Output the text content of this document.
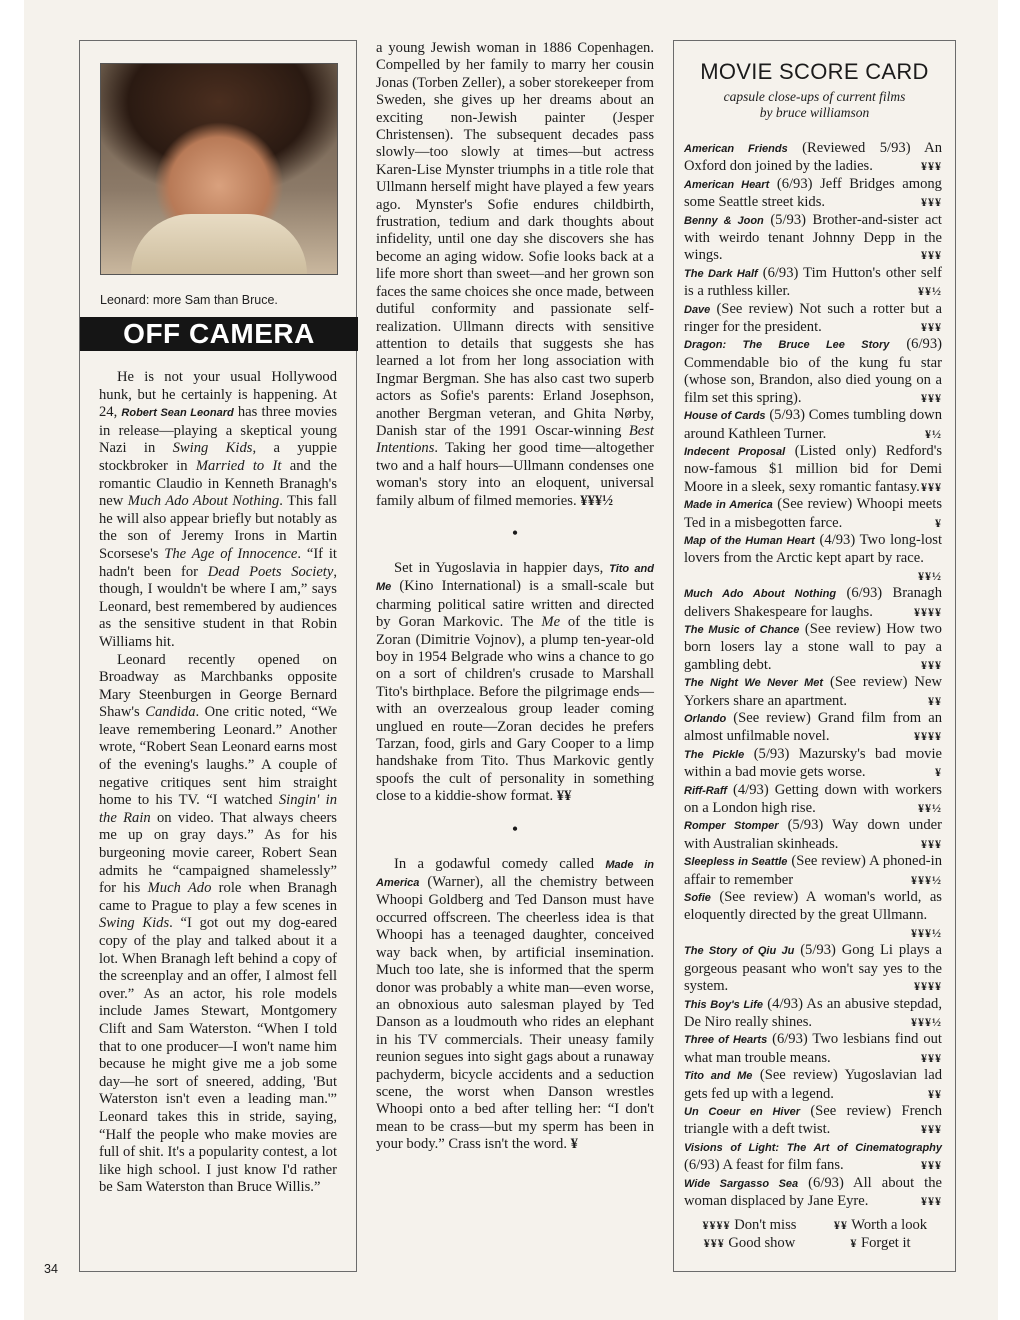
Leonard: more Sam than Bruce.
OFF CAMERA

He is not your usual Hollywood hunk, but he certainly is happening. At 24, Robert Sean Leonard has three movies in release—playing a skeptical young Nazi in Swing Kids, a yuppie stockbroker in Married to It and the romantic Claudio in Kenneth Branagh's new Much Ado About Nothing. This fall he will also appear briefly but notably as the son of Jeremy Irons in Martin Scorsese's The Age of Innocence. “If it hadn't been for Dead Poets Society, though, I wouldn't be where I am,” says Leonard, best remembered by audiences as the sensitive student in that Robin Williams hit.

Leonard recently opened on Broadway as Marchbanks opposite Mary Steenburgen in George Bernard Shaw's Candida. One critic noted, “We leave remembering Leonard.” Another wrote, “Robert Sean Leonard earns most of the evening's laughs.” A couple of negative critiques sent him straight home to his TV. “I watched Singin' in the Rain on video. That always cheers me up on gray days.” As for his burgeoning movie career, Robert Sean admits he “campaigned shamelessly” for his Much Ado role when Branagh came to Prague to play a few scenes in Swing Kids. “I got out my dog-eared copy of the play and talked about it a lot. When Branagh left behind a copy of the screenplay and an offer, I almost fell over.” As an actor, his role models include James Stewart, Montgomery Clift and Sam Waterston. “When I told that to one producer—I won't name him because he might give me a job some day—he sort of sneered, adding, 'But Waterston isn't even a leading man.'” Leonard takes this in stride, saying, “Half the people who make movies are full of shit. It's a popularity contest, a lot like high school. I just know I'd rather be Sam Waterston than Bruce Willis.”

a young Jewish woman in 1886 Copenhagen. Compelled by her family to marry her cousin Jonas (Torben Zeller), a sober storekeeper from Sweden, she gives up her dreams about an exciting non-Jewish painter (Jesper Christensen). The subsequent decades pass slowly—too slowly at times—but actress Karen-Lise Mynster triumphs in a title role that Ullmann herself might have played a few years ago. Mynster's Sofie endures childbirth, frustration, tedium and dark thoughts about infidelity, until one day she discovers she has become an aging widow. Sofie looks back at a life more short than sweet—and her grown son faces the same choices she once made, between dutiful conformity and passionate self-realization. Ullmann directs with sensitive attention to details that suggests she has learned a lot from her long association with Ingmar Bergman. She has also cast two superb actors as Sofie's parents: Erland Josephson, another Bergman veteran, and Ghita Nørby, Danish star of the 1991 Oscar-winning Best Intentions. Taking her good time—altogether two and a half hours—Ullmann condenses one woman's story into an eloquent, universal family album of filmed memories. ¥¥¥½

•

Set in Yugoslavia in happier days, Tito and Me (Kino International) is a small-scale but charming political satire written and directed by Goran Markovic. The Me of the title is Zoran (Dimitrie Vojnov), a plump ten-year-old boy in 1954 Belgrade who wins a chance to go on a sort of children's crusade to Marshall Tito's birthplace. Before the pilgrimage ends—with an overzealous group leader coming unglued en route—Zoran decides he prefers Tarzan, food, girls and Gary Cooper to a limp handshake from Tito. Thus Markovic gently spoofs the cult of personality in something close to a kiddie-show format. ¥¥

•

In a godawful comedy called Made in America (Warner), all the chemistry between Whoopi Goldberg and Ted Danson must have occurred offscreen. The cheerless idea is that Whoopi has a teenaged daughter, conceived way back when, by artificial insemination. Much too late, she is informed that the sperm donor was probably a white man—even worse, an obnoxious auto salesman played by Ted Danson as a loudmouth who rides an elephant in his TV commercials. Their uneasy family reunion segues into sight gags about a runaway pachyderm, bicycle accidents and a seduction scene, the worst when Danson wrestles Whoopi onto a bed after telling her: “I don't mean to be crass—but my sperm has been in your body.” Crass isn't the word. ¥

MOVIE SCORE CARD
capsule close-ups of current films
by bruce williamson

American Friends (Reviewed 5/93) An Oxford don joined by the ladies.	¥¥¥

American Heart (6/93) Jeff Bridges among some Seattle street kids.	¥¥¥

Benny & Joon (5/93) Brother-and-sister act with weirdo tenant Johnny Depp in the wings.	¥¥¥

The Dark Half (6/93) Tim Hutton's other self is a ruthless killer.	¥¥½

Dave (See review) Not such a rotter but a ringer for the president.	¥¥¥

Dragon: The Bruce Lee Story (6/93) Commendable bio of the kung fu star (whose son, Brandon, also died young on a film set this spring).	¥¥¥

House of Cards (5/93) Comes tumbling down around Kathleen Turner.	¥½

Indecent Proposal (Listed only) Redford's now-famous $1 million bid for Demi Moore in a sleek, sexy romantic fantasy. ¥¥¥

Made in America (See review) Whoopi meets Ted in a misbegotten farce.	¥

Map of the Human Heart (4/93) Two long-lost lovers from the Arctic kept apart by race.
¥¥½

Much Ado About Nothing (6/93) Branagh delivers Shakespeare for laughs.	¥¥¥¥

The Music of Chance (See review) How two born losers lay a stone wall to pay a gambling debt.	¥¥¥

The Night We Never Met (See review) New Yorkers share an apartment.	¥¥

Orlando (See review) Grand film from an almost unfilmable novel.	¥¥¥¥

The Pickle (5/93) Mazursky's bad movie within a bad movie gets worse.	¥

Riff-Raff (4/93) Getting down with workers on a London high rise.	¥¥½

Romper Stomper (5/93) Way down under with Australian skinheads.	¥¥¥

Sleepless in Seattle (See review) A phoned-in affair to remember	¥¥¥½

Sofie (See review) A woman's world, as eloquently directed by the great Ullmann.
¥¥¥½

The Story of Qiu Ju (5/93) Gong Li plays a gorgeous peasant who won't say yes to the system.	¥¥¥¥

This Boy's Life (4/93) As an abusive stepdad, De Niro really shines.	¥¥¥½

Three of Hearts (6/93) Two lesbians find out what man trouble means.	¥¥¥

Tito and Me (See review) Yugoslavian lad gets fed up with a legend.	¥¥

Un Coeur en Hiver (See review) French triangle with a deft twist.	¥¥¥

Visions of Light: The Art of Cinematography (6/93) A feast for film fans.	¥¥¥

Wide Sargasso Sea (6/93) All about the woman displaced by Jane Eyre.	¥¥¥

¥¥¥¥ Don't miss	¥¥ Worth a look
¥¥¥ Good show	¥ Forget it
34
